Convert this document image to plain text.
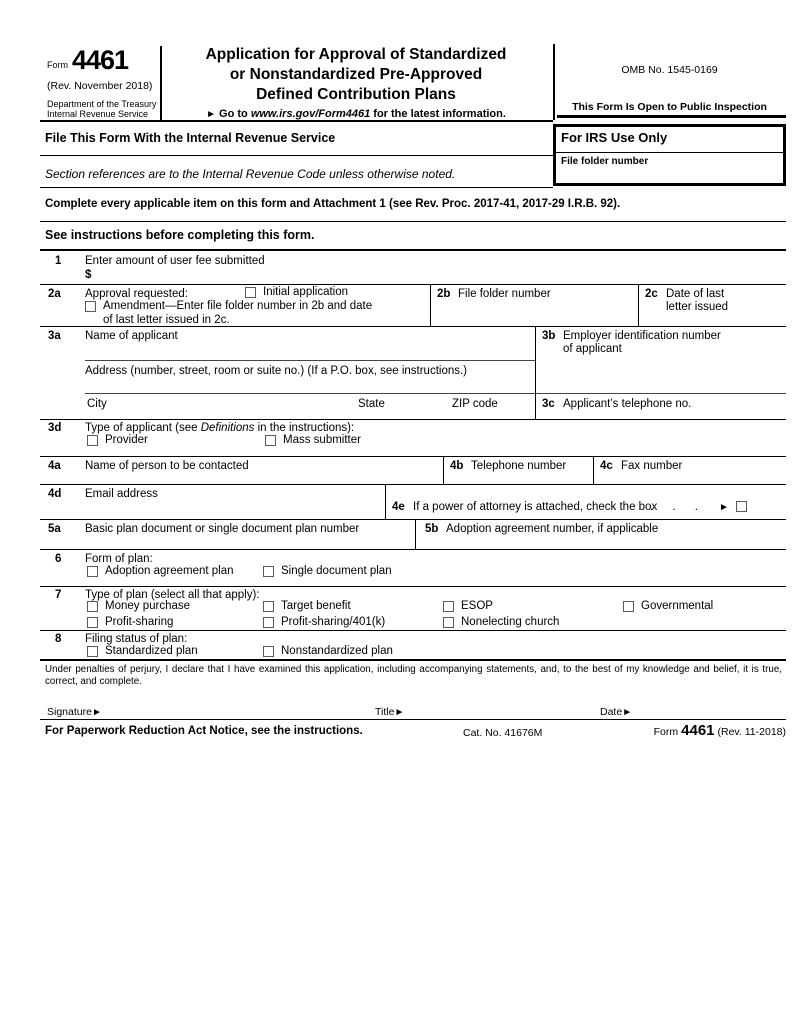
Form 4461
(Rev. November 2018)
Department of the Treasury
Internal Revenue Service
Application for Approval of Standardized
or Nonstandardized Pre-Approved
Defined Contribution Plans
► Go to www.irs.gov/Form4461 for the latest information.
OMB No. 1545-0169
This Form Is Open to Public Inspection
For IRS Use Only
File folder number
File This Form With the Internal Revenue Service
Section references are to the Internal Revenue Code unless otherwise noted.
Complete every applicable item on this form and Attachment 1 (see Rev. Proc. 2017-41, 2017-29 I.R.B. 92).
See instructions before completing this form.
1 Enter amount of user fee submitted
$
2a Approval requested:	Initial application
Amendment—Enter file folder number in 2b and date
of last letter issued in 2c.
2b File folder number	2c Date of last
letter issued
3a Name of applicant
Address (number, street, room or suite no.) (If a P.O. box, see instructions.)
City	State	ZIP code
3b Employer identification number
of applicant
3c Applicant’s telephone no.
3d Type of applicant (see Definitions in the instructions):
Provider	Mass submitter
4a Name of person to be contacted	4b Telephone number	4c Fax number
4d Email address
4e If a power of attorney is attached, check the box
.      .      . ►
5a Basic plan document or single document plan number	5b Adoption agreement number, if applicable
6 Form of plan:
Adoption agreement plan	Single document plan
7 Type of plan (select all that apply):
Money purchase	Target benefit	ESOP	Governmental
Profit-sharing	Profit-sharing/401(k)	Nonelecting church
8 Filing status of plan:
Standardized plan	Nonstandardized plan
Under penalties of perjury, I declare that I have examined this application, including accompanying statements, and, to the best of my knowledge and belief, it is true,
correct, and complete.
Signature►	Title►	Date►
For Paperwork Reduction Act Notice, see the instructions.	Cat. No. 41676M	Form 4461 (Rev. 11-2018)
